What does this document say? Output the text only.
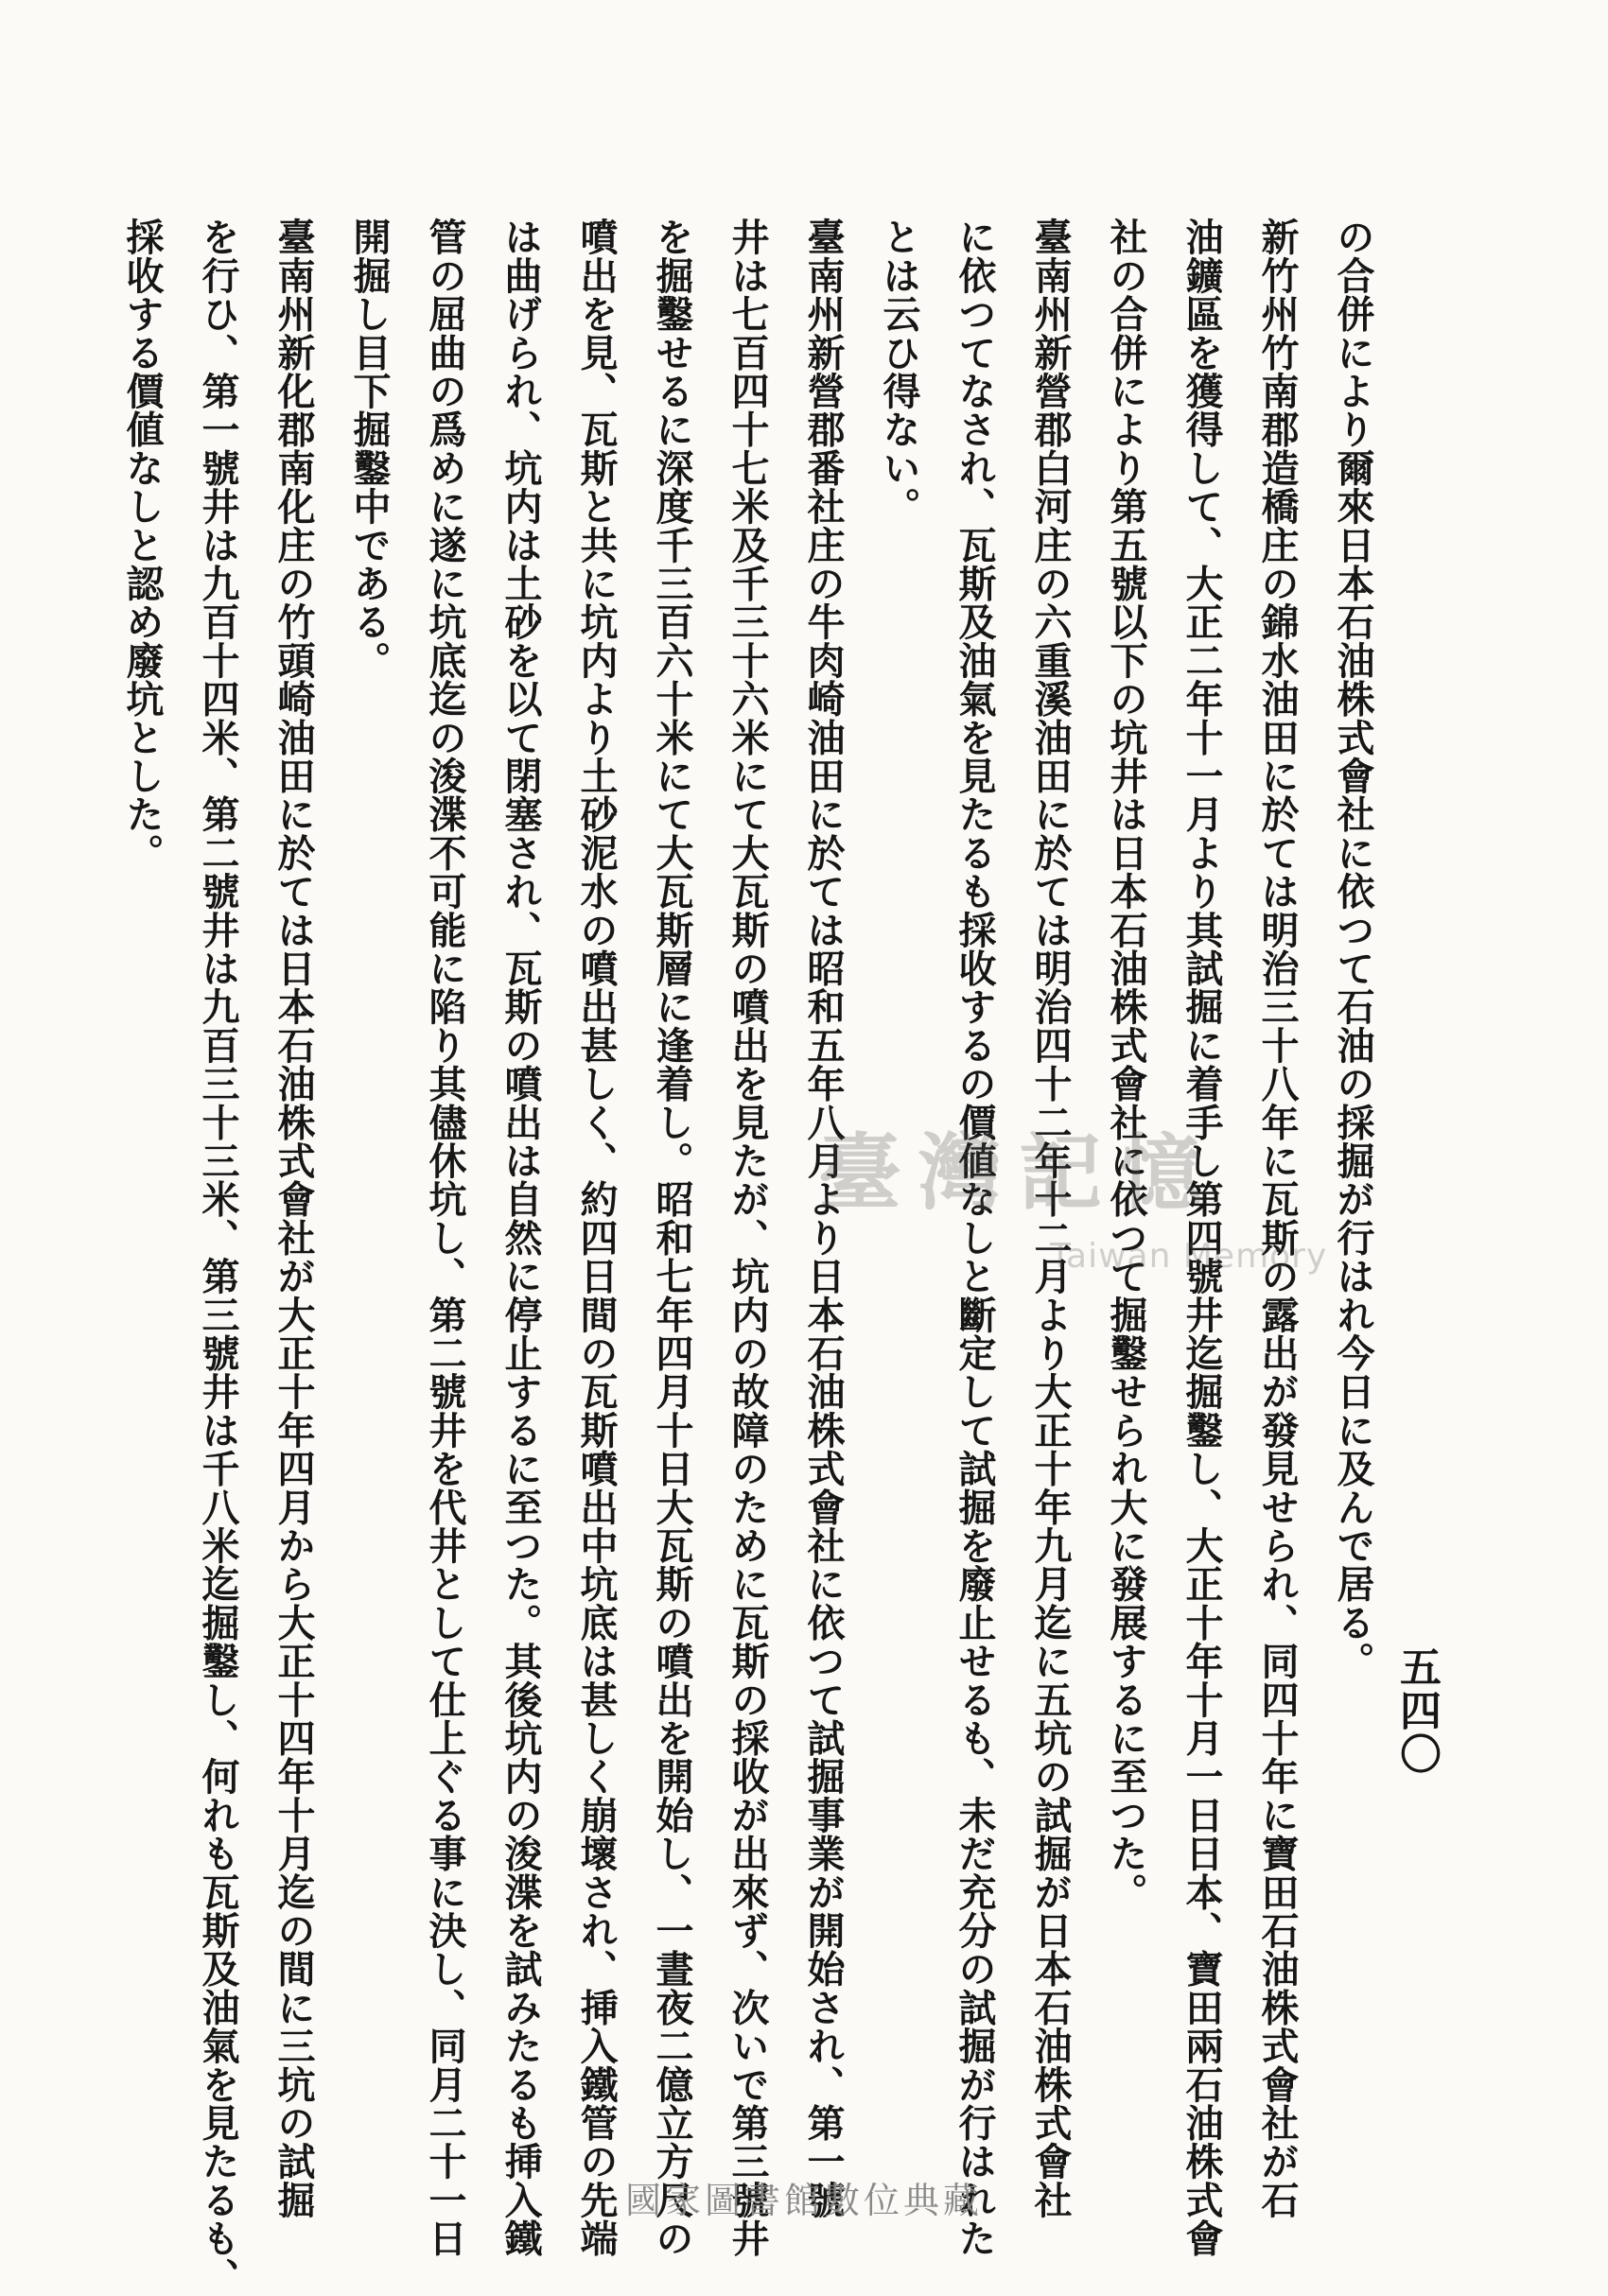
五四〇
の合併により爾來日本石油株式會社に依つて石油の採掘が行はれ今日に及んで居る。
新竹州竹南郡造橋庄の錦水油田に於ては明治三十八年に瓦斯の露出が發見せられ、同四十年に寶田石油株式會社が石
油鑛區を獲得して、大正二年十一月より其試掘に着手し第四號井迄掘鑿し、大正十年十月一日日本、寶田兩石油株式會
社の合併により第五號以下の坑井は日本石油株式會社に依つて掘鑿せられ大に發展するに至つた。
臺南州新營郡白河庄の六重溪油田に於ては明治四十二年十二月より大正十年九月迄に五坑の試掘が日本石油株式會社
に依つてなされ、瓦斯及油氣を見たるも採收するの價値なしと斷定して試掘を廢止せるも、未だ充分の試掘が行はれた
とは云ひ得ない。
臺南州新營郡番社庄の牛肉崎油田に於ては昭和五年八月より日本石油株式會社に依つて試掘事業が開始され、第一號
井は七百四十七米及千三十六米にて大瓦斯の噴出を見たが、坑内の故障のために瓦斯の採收が出來ず、次いで第三號井
を掘鑿せるに深度千三百六十米にて大瓦斯層に逢着し。昭和七年四月十日大瓦斯の噴出を開始し、一晝夜二億立方尺の
噴出を見、瓦斯と共に坑内より土砂泥水の噴出甚しく、約四日間の瓦斯噴出中坑底は甚しく崩壞され、挿入鐵管の先端
は曲げられ、坑内は土砂を以て閉塞され、瓦斯の噴出は自然に停止するに至つた。其後坑内の浚渫を試みたるも挿入鐵
管の屈曲の爲めに遂に坑底迄の浚渫不可能に陷り其儘休坑し、第二號井を代井として仕上ぐる事に決し、同月二十一日
開掘し目下掘鑿中である。
臺南州新化郡南化庄の竹頭崎油田に於ては日本石油株式會社が大正十年四月から大正十四年十月迄の間に三坑の試掘
を行ひ、第一號井は九百十四米、第二號井は九百三十三米、第三號井は千八米迄掘鑿し、何れも瓦斯及油氣を見たるも、
採收する價値なしと認め廢坑とした。
臺灣記憶
Taiwan Memory
國家圖書館數位典藏
